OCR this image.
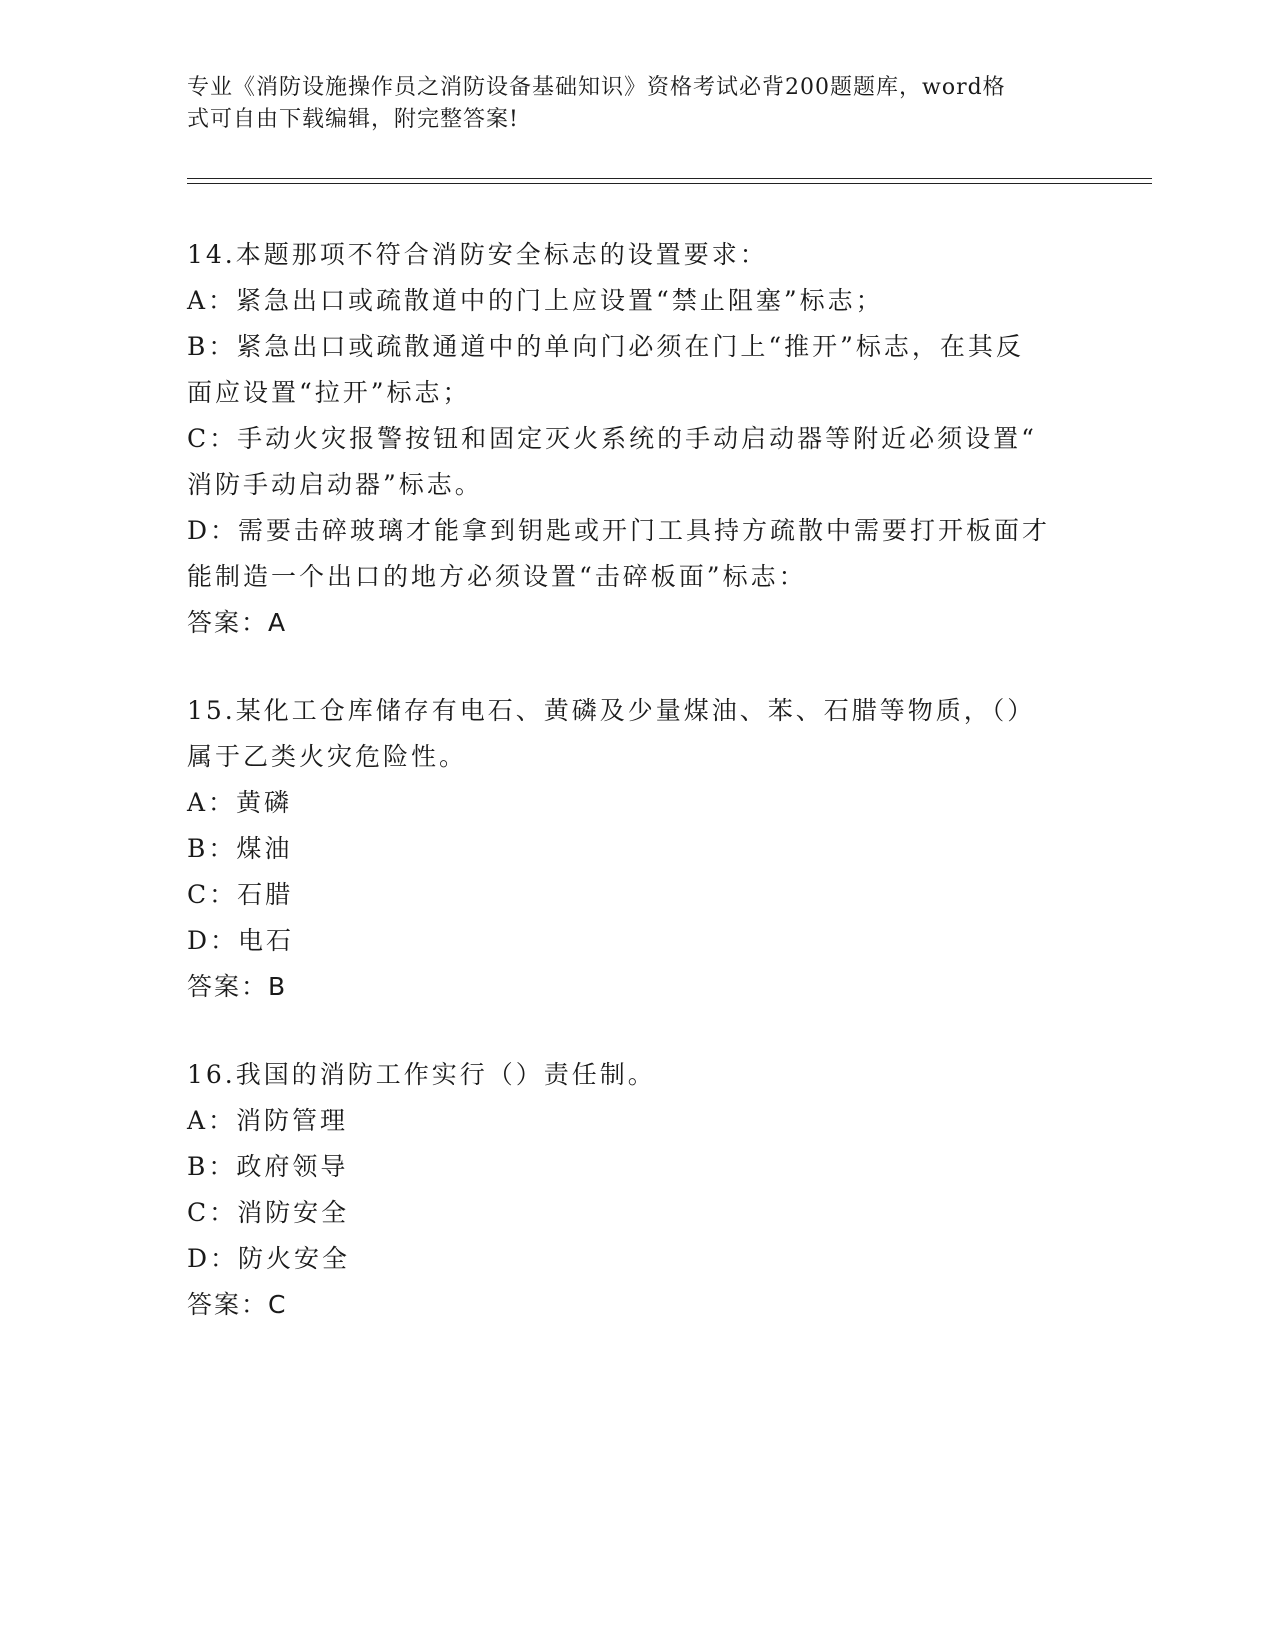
专业《消防设施操作员之消防设备基础知识》资格考试必背200题题库，word格
式可自由下载编辑，附完整答案!
14.本题那项不符合消防安全标志的设置要求：
A：紧急出口或疏散道中的门上应设置“禁止阻塞”标志；
B：紧急出口或疏散通道中的单向门必须在门上“推开”标志，在其反
面应设置“拉开”标志；
C：手动火灾报警按钮和固定灭火系统的手动启动器等附近必须设置“
消防手动启动器”标志。
D：需要击碎玻璃才能拿到钥匙或开门工具持方疏散中需要打开板面才
能制造一个出口的地方必须设置“击碎板面”标志：
答案：A
15.某化工仓库储存有电石、黄磷及少量煤油、苯、石腊等物质，（）
属于乙类火灾危险性。
A：黄磷
B：煤油
C：石腊
D：电石
答案：B
16.我国的消防工作实行（）责任制。
A：消防管理
B：政府领导
C：消防安全
D：防火安全
答案：C
